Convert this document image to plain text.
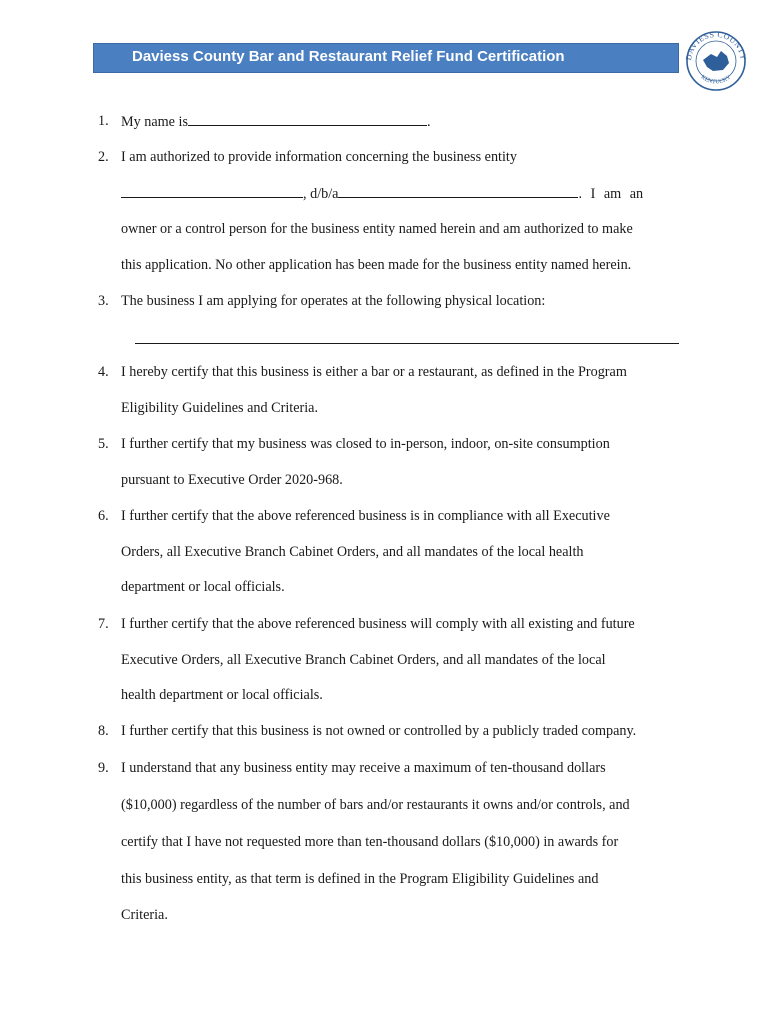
Daviess County Bar and Restaurant Relief Fund Certification	DAVIESS COUNTY
KENTUCKY
1. My name is	.
2. I am authorized to provide information concerning the business entity
, d/b/a	. I am an
owner or a control person for the business entity named herein and am authorized to make
this application. No other application has been made for the business entity named herein.
3. The business I am applying for operates at the following physical location:
4. I hereby certify that this business is either a bar or a restaurant, as defined in the Program
Eligibility Guidelines and Criteria.
5. I further certify that my business was closed to in-person, indoor, on-site consumption
pursuant to Executive Order 2020-968.
6. I further certify that the above referenced business is in compliance with all Executive
Orders, all Executive Branch Cabinet Orders, and all mandates of the local health
department or local officials.
7. I further certify that the above referenced business will comply with all existing and future
Executive Orders, all Executive Branch Cabinet Orders, and all mandates of the local
health department or local officials.
8. I further certify that this business is not owned or controlled by a publicly traded company.
9. I understand that any business entity may receive a maximum of ten-thousand dollars
($10,000) regardless of the number of bars and/or restaurants it owns and/or controls, and
certify that I have not requested more than ten-thousand dollars ($10,000) in awards for
this business entity, as that term is defined in the Program Eligibility Guidelines and
Criteria.
